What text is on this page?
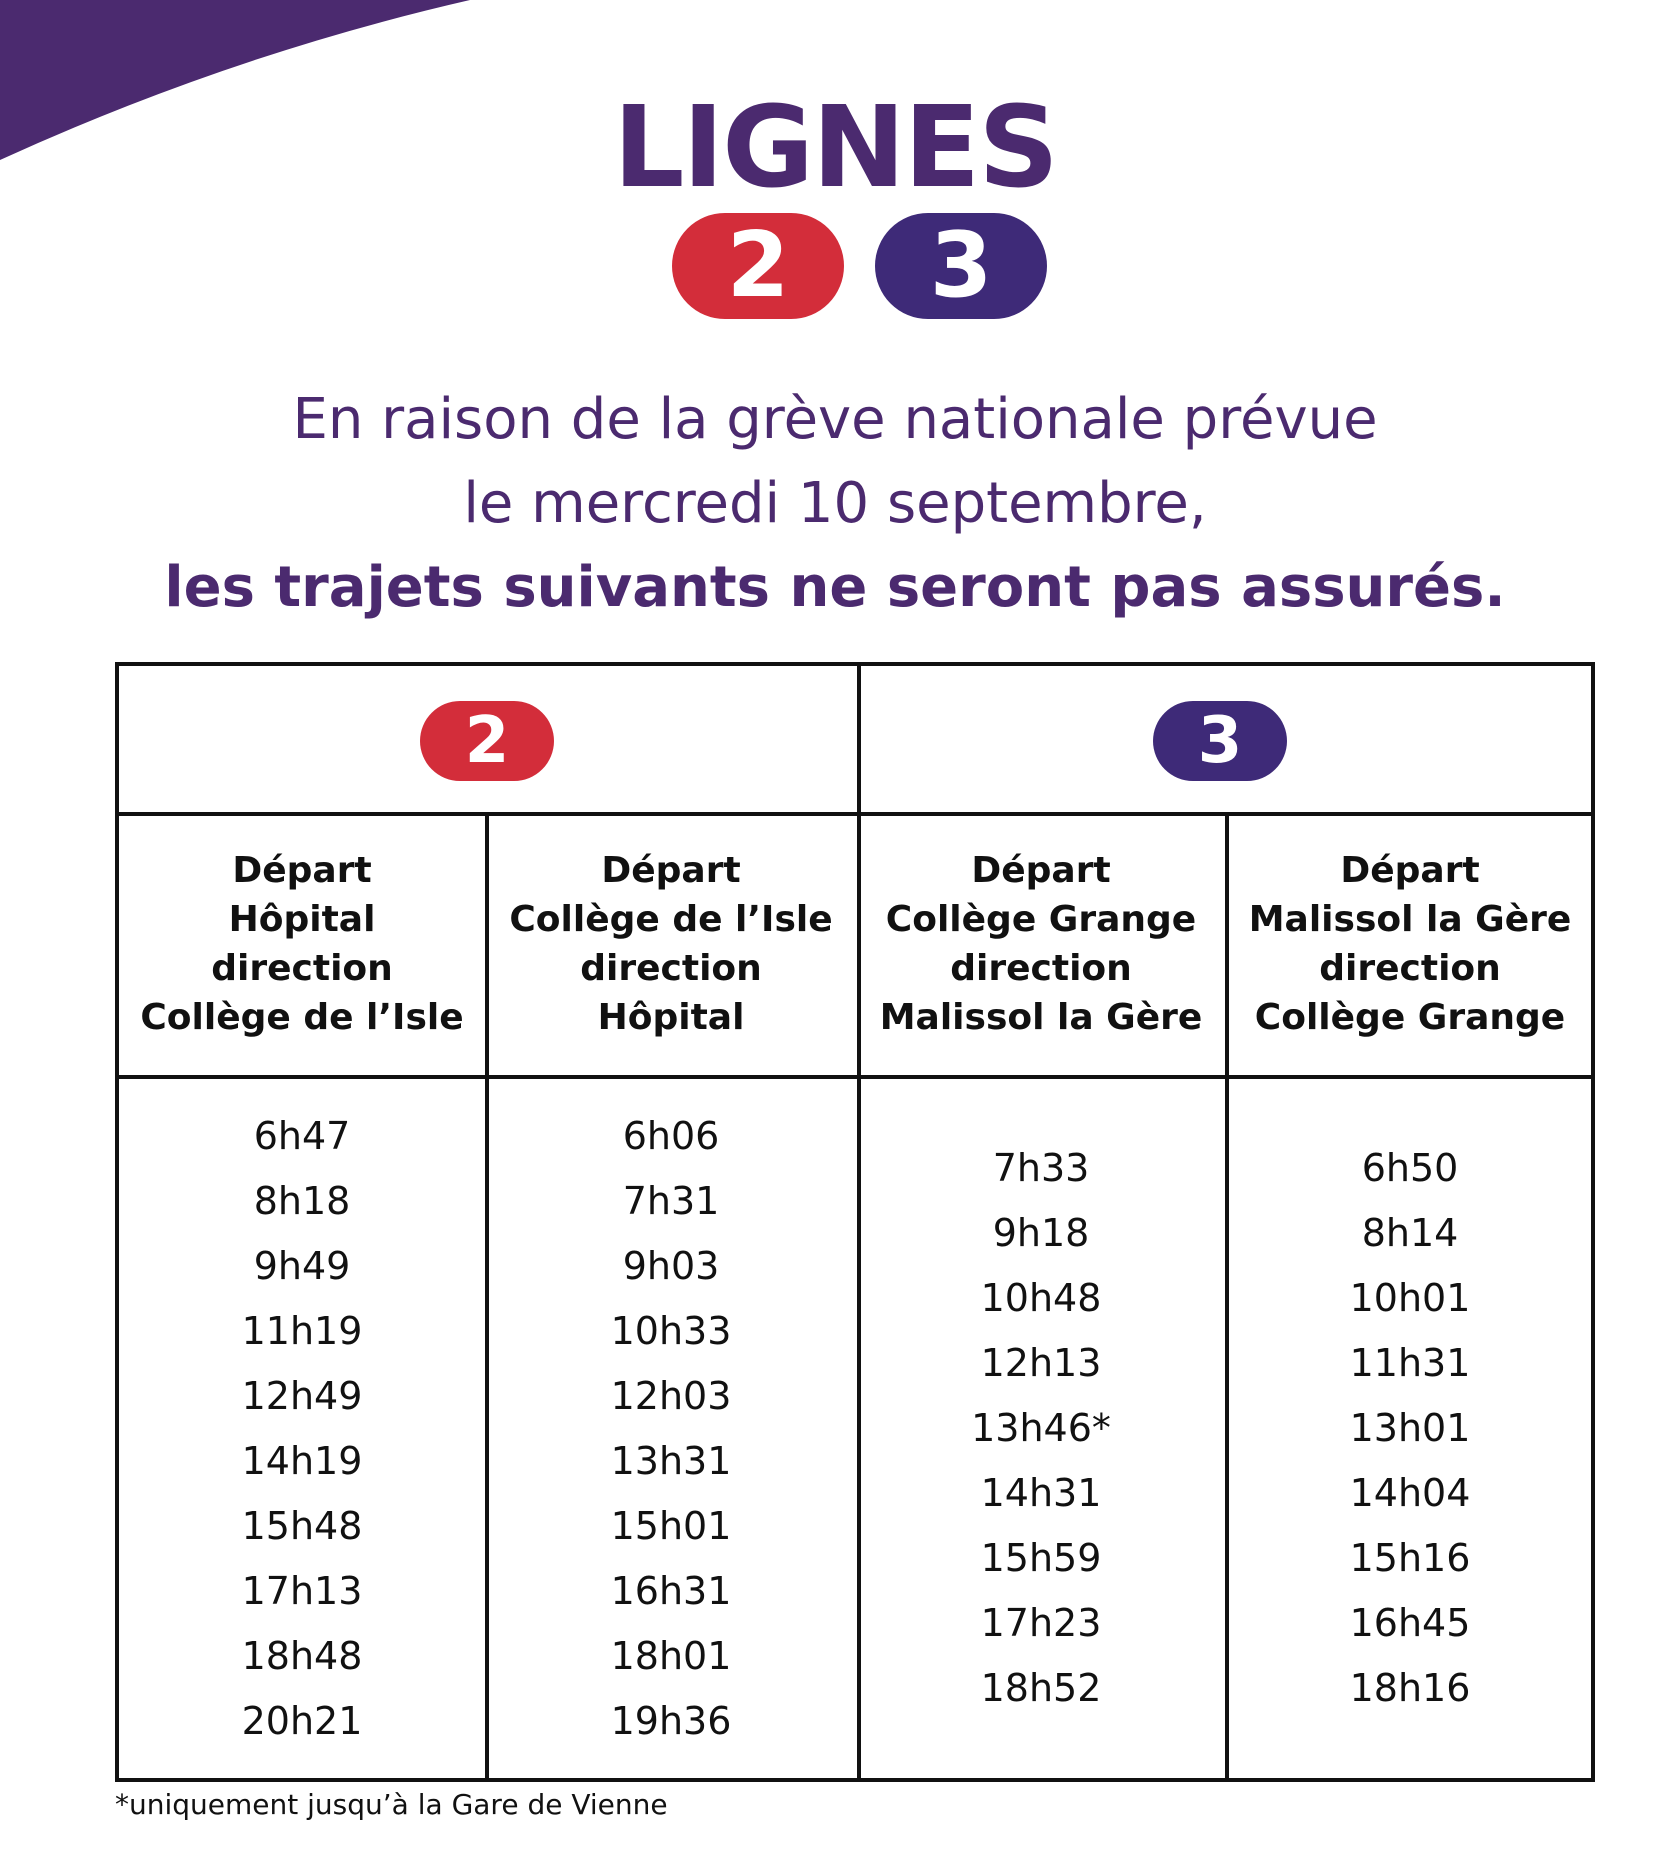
LIGNES
2	3
En raison de la grève nationale prévue
le mercredi 10 septembre,
les trajets suivants ne seront pas assurés.
2	3
Départ
Hôpital
direction
Collège de l’Isle
Départ
Collège de l’Isle
direction
Hôpital
Départ
Collège Grange
direction
Malissol la Gère
Départ
Malissol la Gère
direction
Collège Grange
6h47
8h18
9h49
11h19
12h49
14h19
15h48
17h13
18h48
20h21
6h06
7h31
9h03
10h33
12h03
13h31
15h01
16h31
18h01
19h36
7h33
9h18
10h48
12h13
13h46*
14h31
15h59
17h23
18h52
6h50
8h14
10h01
11h31
13h01
14h04
15h16
16h45
18h16
*uniquement jusqu’à la Gare de Vienne
